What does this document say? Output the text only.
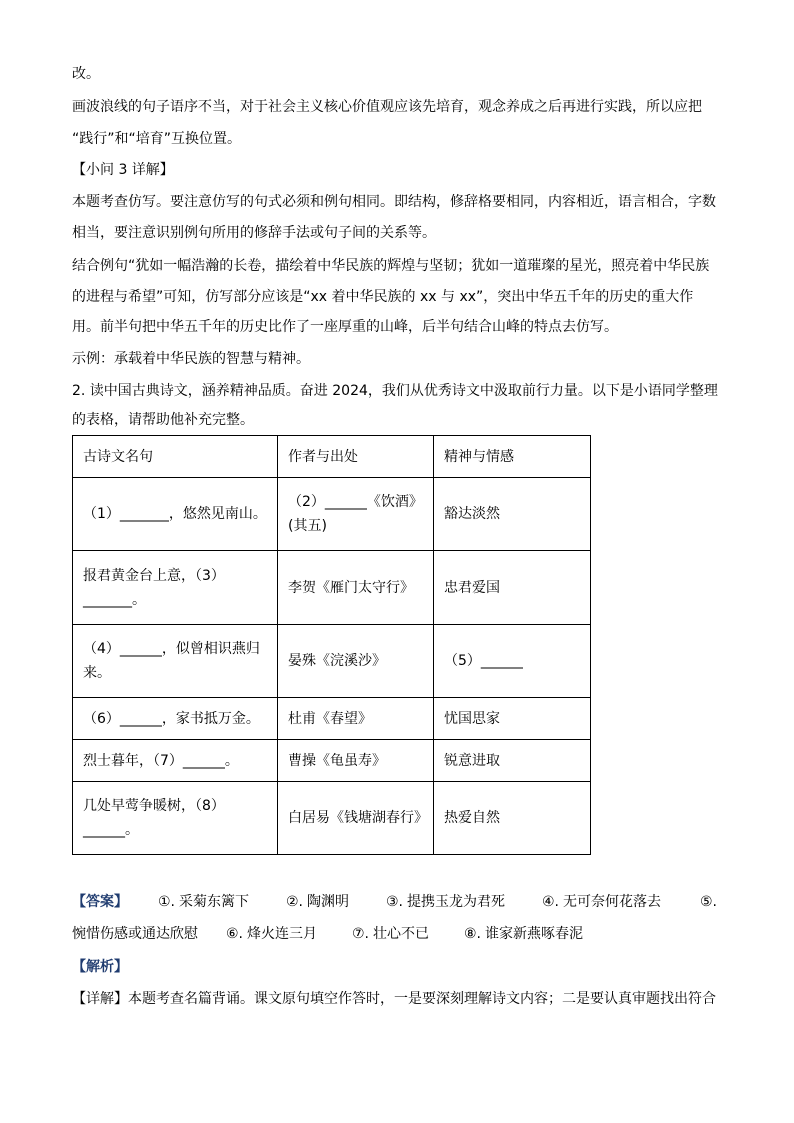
改。
画波浪线的句子语序不当，对于社会主义核心价值观应该先培育，观念养成之后再进行实践，所以应把
“践行”和“培育”互换位置。
【小问 3 详解】
本题考查仿写。要注意仿写的句式必须和例句相同。即结构，修辞格要相同，内容相近，语言相合，字数
相当，要注意识别例句所用的修辞手法或句子间的关系等。
结合例句“犹如一幅浩瀚的长卷，描绘着中华民族的辉煌与坚韧；犹如一道璀璨的星光，照亮着中华民族
的进程与希望”可知，仿写部分应该是“xx 着中华民族的 xx 与 xx”，突出中华五千年的历史的重大作
用。前半句把中华五千年的历史比作了一座厚重的山峰，后半句结合山峰的特点去仿写。
示例：承载着中华民族的智慧与精神。
2. 读中国古典诗文，涵养精神品质。奋进 2024，我们从优秀诗文中汲取前行力量。以下是小语同学整理
的表格，请帮助他补充完整。
古诗文名句	作者与出处	精神与情感
（1）_______，悠然见南山。	（2）______《饮酒》(其五)	豁达淡然
报君黄金台上意，（3）_______。	李贺《雁门太守行》	忠君爱国
（4）______，似曾相识燕归来。	晏殊《浣溪沙》	（5）______
（6）______，家书抵万金。	杜甫《春望》	忧国思家
烈士暮年，（7）______。	曹操《龟虽寿》	锐意进取
几处早莺争暖树，（8）______。	白居易《钱塘湖春行》	热爱自然
【答案】 ①. 采菊东篱下	②. 陶渊明	③. 提携玉龙为君死	④. 无可奈何花落去	⑤.
惋惜伤感或通达欣慰 ⑥. 烽火连三月 ⑦. 壮心不已 ⑧. 谁家新燕啄春泥
【解析】
【详解】本题考查名篇背诵。课文原句填空作答时，一是要深刻理解诗文内容；二是要认真审题找出符合
